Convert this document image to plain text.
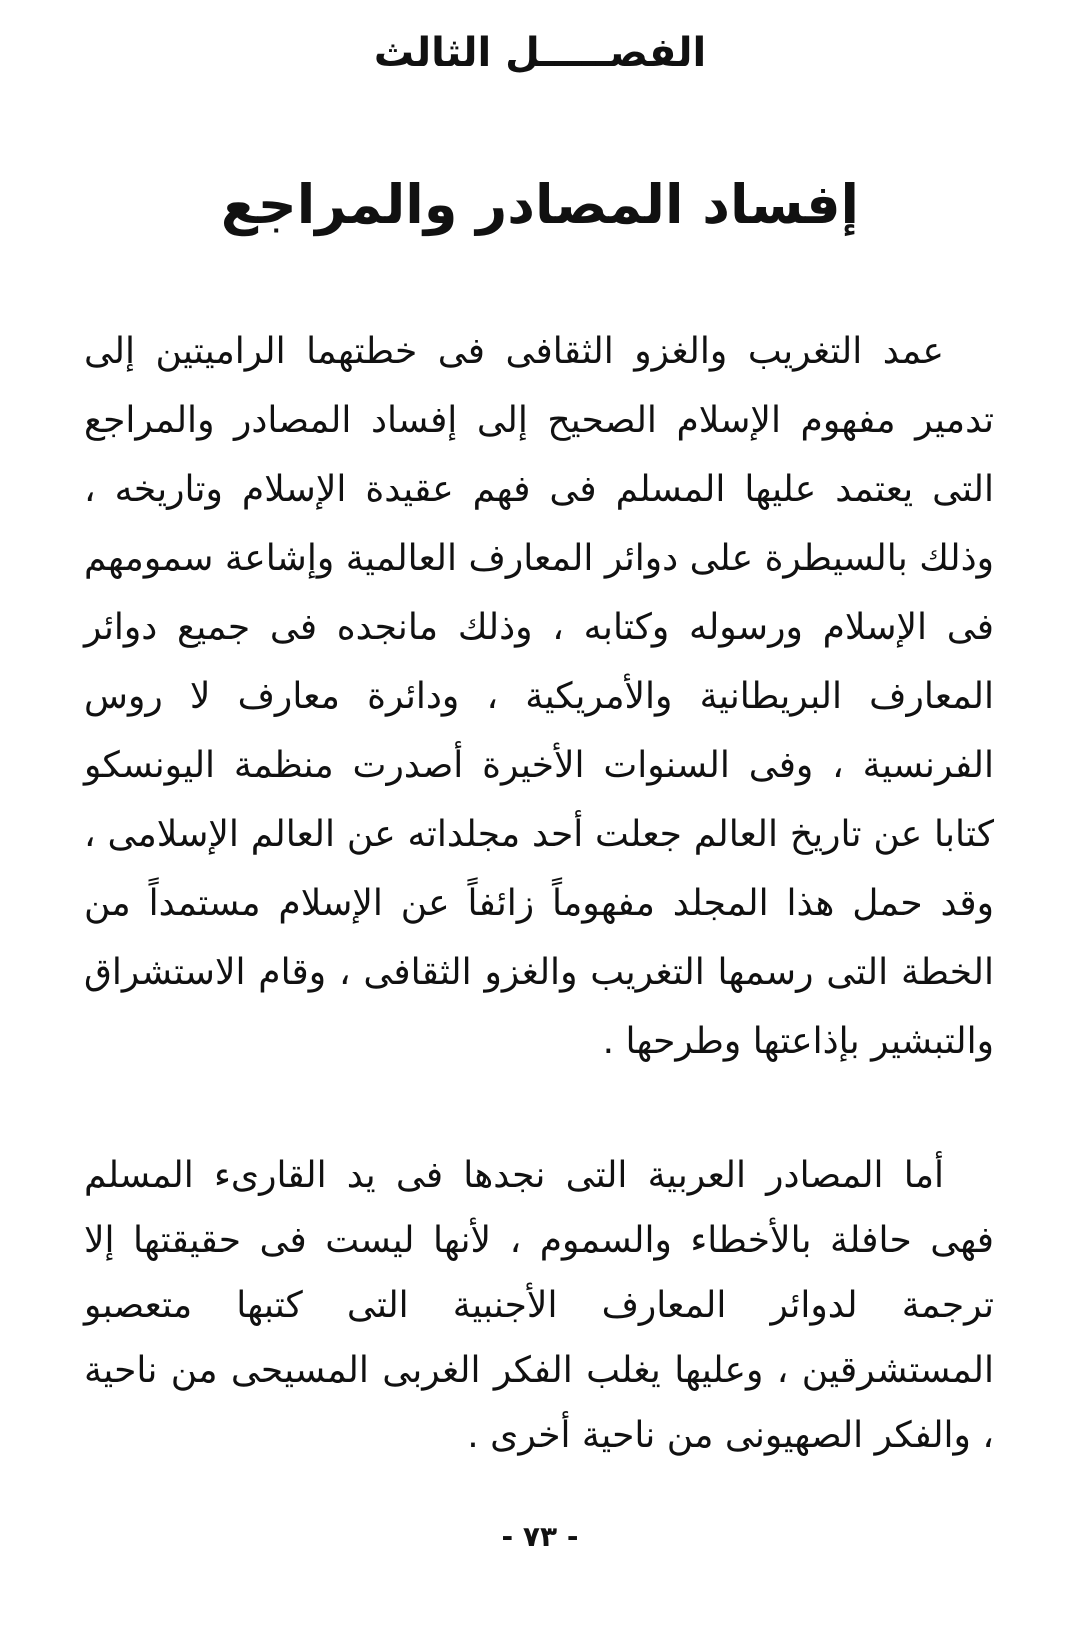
الفصـــــل الثالث
إفساد المصادر والمراجع

عمد التغريب والغزو الثقافى فى خطتهما الراميتين إلى تدمير مفهوم الإسلام الصحيح إلى إفساد المصادر والمراجع التى يعتمد عليها المسلم فى فهم عقيدة الإسلام وتاريخه ، وذلك بالسيطرة على دوائر المعارف العالمية وإشاعة سمومهم فى الإسلام ورسوله وكتابه ، وذلك مانجده فى جميع دوائر المعارف البريطانية والأمريكية ، ودائرة معارف لا روس الفرنسية ، وفى السنوات الأخيرة أصدرت منظمة اليونسكو كتابا عن تاريخ العالم جعلت أحد مجلداته عن العالم الإسلامى ، وقد حمل هذا المجلد مفهوماً زائفاً عن الإسلام مستمداً من الخطة التى رسمها التغريب والغزو الثقافى ، وقام الاستشراق والتبشير بإذاعتها وطرحها .

أما المصادر العربية التى نجدها فى يد القارىء المسلم فهى حافلة بالأخطاء والسموم ، لأنها ليست فى حقيقتها إلا ترجمة لدوائر المعارف الأجنبية التى كتبها متعصبو المستشرقين ، وعليها يغلب الفكر الغربى المسيحى من ناحية ، والفكر الصهيونى من ناحية أخرى .

- ٧٣ -
